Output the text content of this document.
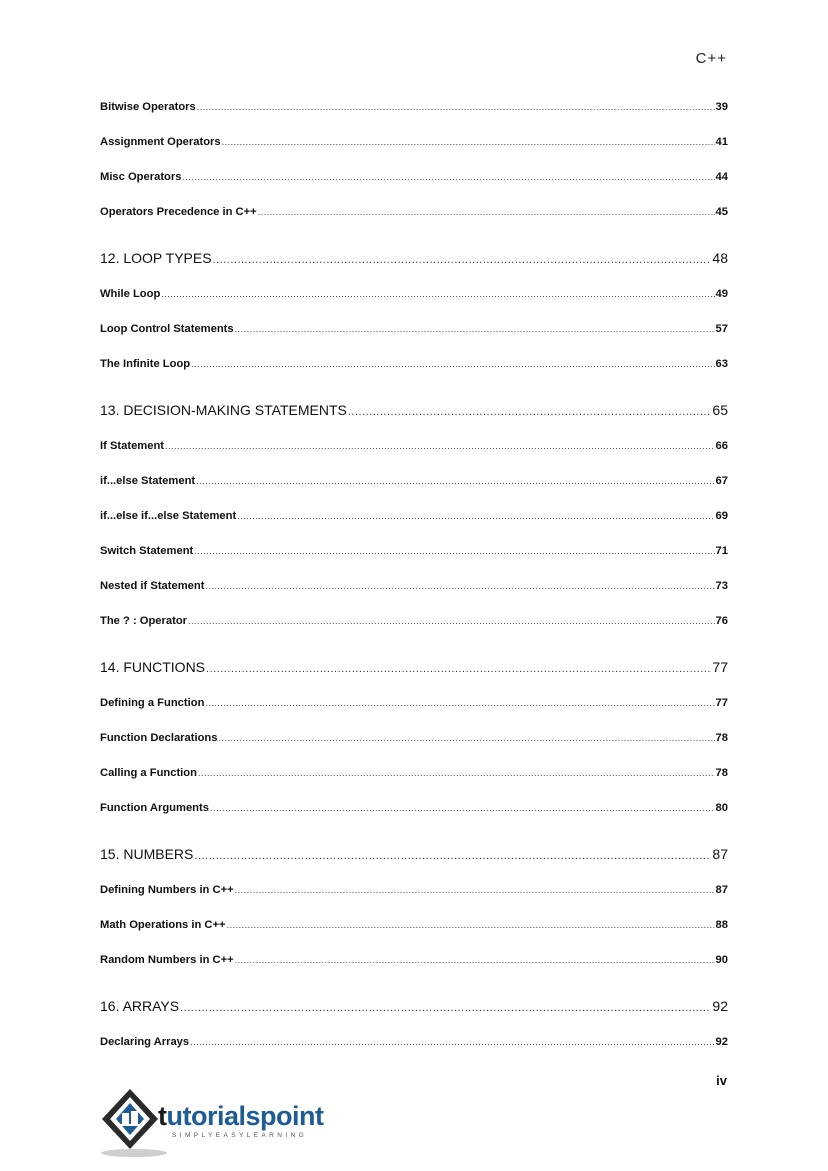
C++
Bitwise Operators .....	39
Assignment Operators .....	41
Misc Operators .....	44
Operators Precedence in C++ .....	45
12. LOOP TYPES .....	48
While Loop .....	49
Loop Control Statements .....	57
The Infinite Loop .....	63
13. DECISION-MAKING STATEMENTS .....	65
If Statement .....	66
if...else Statement .....	67
if...else if...else Statement .....	69
Switch Statement .....	71
Nested if Statement .....	73
The ? : Operator .....	76
14. FUNCTIONS .....	77
Defining a Function .....	77
Function Declarations .....	78
Calling a Function .....	78
Function Arguments .....	80
15. NUMBERS .....	87
Defining Numbers in C++ .....	87
Math Operations in C++ .....	88
Random Numbers in C++ .....	90
16. ARRAYS .....	92
Declaring Arrays .....	92
iv
tutorialspoint
SIMPLYEASYLEARNING
